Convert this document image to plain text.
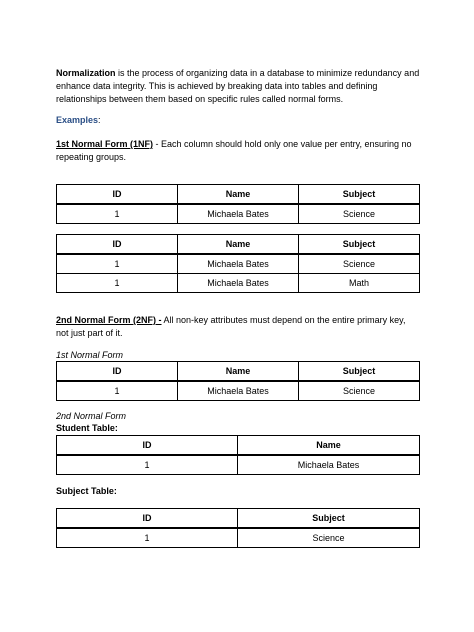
Normalization is the process of organizing data in a database to minimize redundancy and enhance data integrity. This is achieved by breaking data into tables and defining relationships between them based on specific rules called normal forms.

Examples:

1st Normal Form (1NF) - Each column should hold only one value per entry, ensuring no repeating groups.

ID	Name	Subject
1	Michaela Bates	Science
ID	Name	Subject
1	Michaela Bates	Science
1	Michaela Bates	Math

2nd Normal Form (2NF) - All non-key attributes must depend on the entire primary key, not just part of it.

1st Normal Form

ID	Name	Subject
1	Michaela Bates	Science

2nd Normal Form

Student Table:

ID	Name
1	Michaela Bates

Subject Table:

ID	Subject
1	Science
